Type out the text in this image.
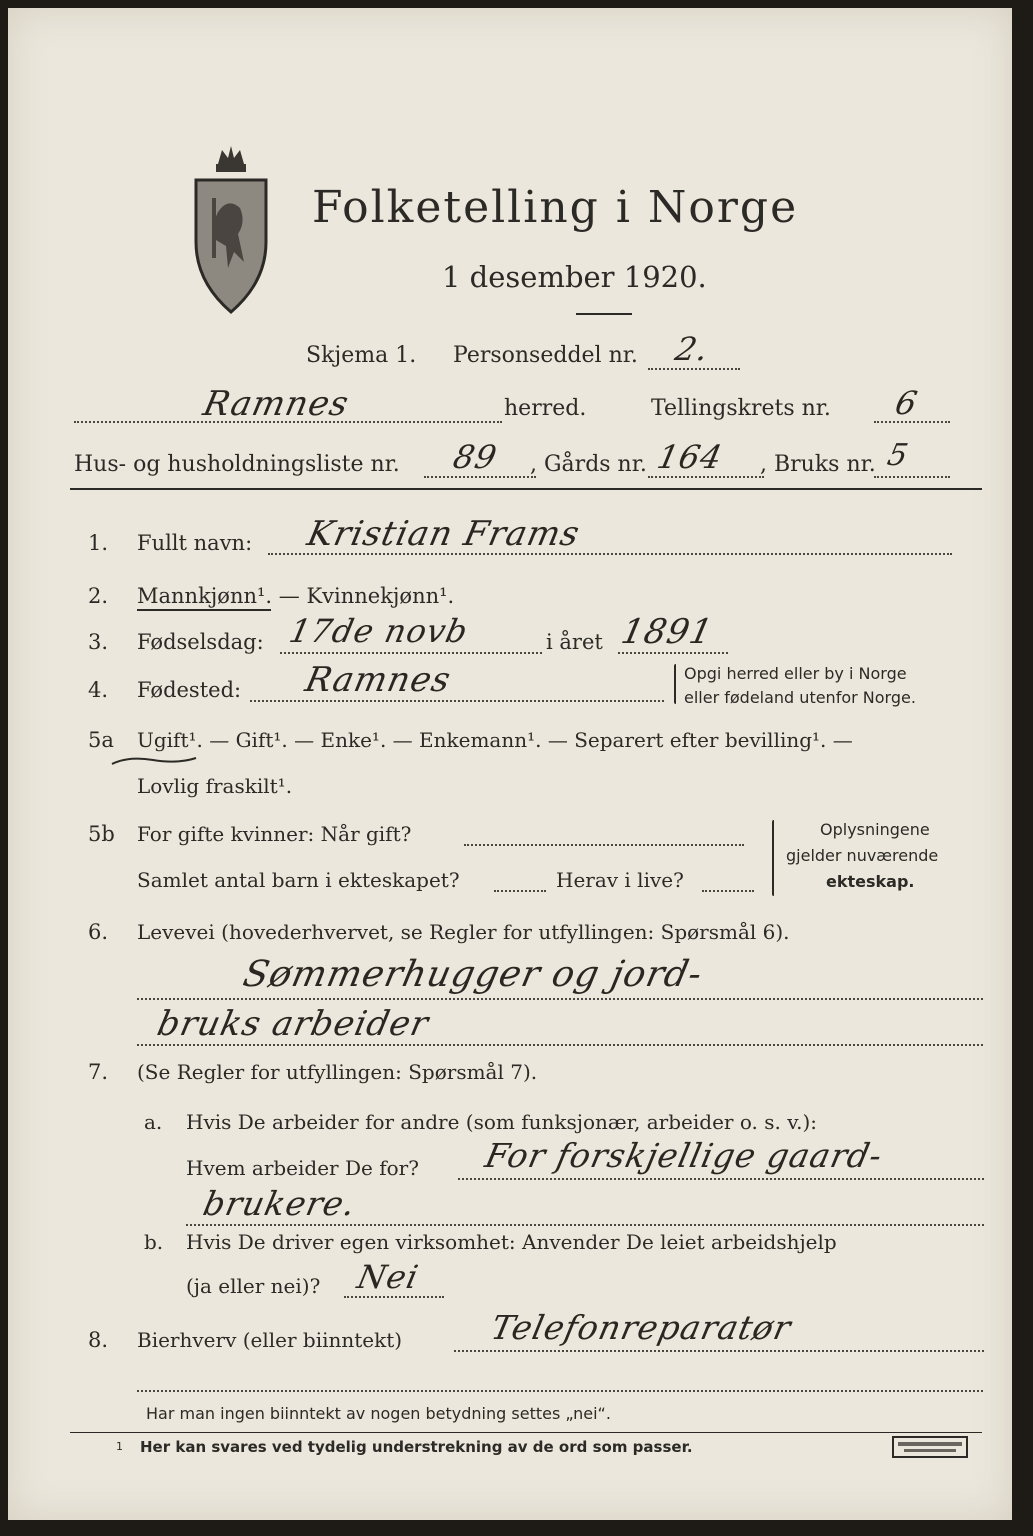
Folketelling i Norge
1 desember 1920.
Skjema 1. Personseddel nr. 2.
Ramnes	herred.	Tellingskrets nr. 6
Hus- og husholdningsliste nr. 89 , Gårds nr. 164 , Bruks nr. 5
1. Fullt navn: Kristian Frams
2. Mannkjønn¹. — Kvinnekjønn¹.
3. Fødselsdag: 17de novb	i året 1891
4. Fødested: Ramnes	Opgi herred eller by i Norge
eller fødeland utenfor Norge.
5a Ugift¹. — Gift¹. — Enke¹. — Enkemann¹. — Separert efter bevilling¹. —
Lovlig fraskilt¹.
5b For gifte kvinner: Når gift?
Samlet antal barn i ekteskapet?	Herav i live?
Oplysningene
gjelder nuværende
ekteskap.
6. Levevei (hovederhvervet, se Regler for utfyllingen: Spørsmål 6).
Sømmerhugger og jord-
bruks arbeider
7. (Se Regler for utfyllingen: Spørsmål 7).
a. Hvis De arbeider for andre (som funksjonær, arbeider o. s. v.):
Hvem arbeider De for? For forskjellige gaard-
brukere.
b. Hvis De driver egen virksomhet: Anvender De leiet arbeidshjelp
(ja eller nei)? Nei
8. Bierhverv (eller biinntekt)	Telefonreparatør
Har man ingen biinntekt av nogen betydning settes „nei“.
1 Her kan svares ved tydelig understrekning av de ord som passer.
